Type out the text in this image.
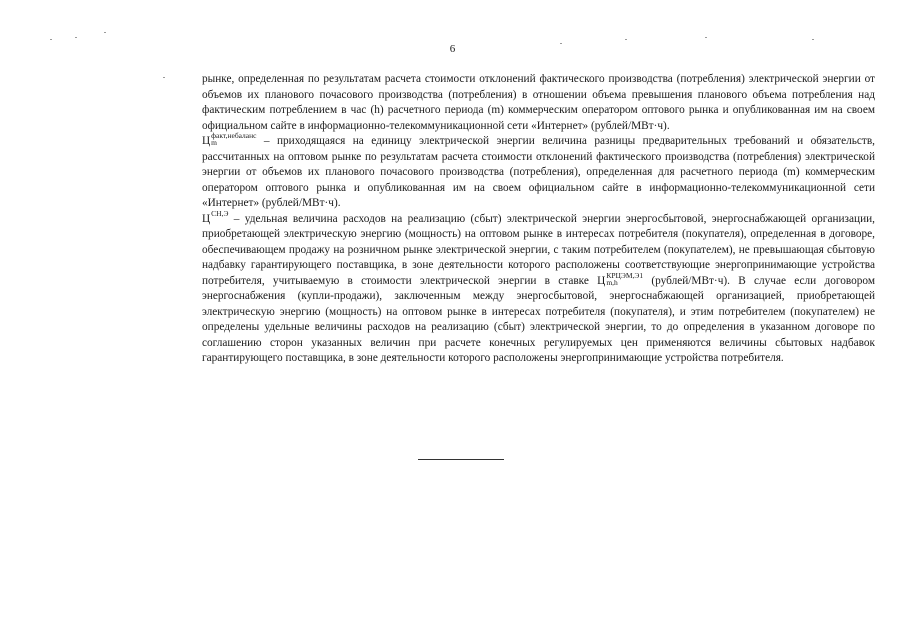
6

рынке, определенная по результатам расчета стоимости отклонений фактического производства (потребления) электрической энергии от объемов их планового почасового производства (потребления) в отношении объема превышения планового объема потребления над фактическим потреблением в час (h) расчетного периода (m) коммерческим оператором оптового рынка и опубликованная им на своем официальном сайте в информационно-телекоммуникационной сети «Интернет» (рублей/МВт·ч).

Ц факт,небаланс
m	– приходящаяся на единицу электрической энергии величина разницы предварительных требований и обязательств, рассчитанных на оптовом рынке по результатам расчета стоимости отклонений фактического производства (потребления) электрической энергии от объемов их планового почасового производства (потребления), определенная для расчетного периода (m) коммерческим оператором оптового рынка и опубликованная им на своем официальном сайте в информационно-телекоммуникационной сети «Интернет» (рублей/МВт·ч).

Ц СН,Э
– удельная величина расходов на реализацию (сбыт) электрической энергии энергосбытовой, энергоснабжающей организации, приобретающей электрическую энергию (мощность) на оптовом рынке в интересах потребителя (покупателя), определенная в договоре, обеспечивающем продажу на розничном рынке электрической энергии, с таким потребителем (покупателем), не превышающая сбытовую надбавку гарантирующего поставщика, в зоне деятельности которого расположены соответствующие энергопринимающие устройства потребителя, учитываемую в стоимости электрической энергии в ставке Ц КРЦЭМ,Э1
m,h	(рублей/МВт·ч). В случае если договором энергоснабжения (купли-продажи), заключенным между энергосбытовой, энергоснабжающей организацией, приобретающей электрическую энергию (мощность) на оптовом рынке в интересах потребителя (покупателя), и этим потребителем (покупателем) не определены удельные величины расходов на реализацию (сбыт) электрической энергии, то до определения в указанном договоре по соглашению сторон указанных величин при расчете конечных регулируемых цен применяются величины сбытовых надбавок гарантирующего поставщика, в зоне деятельности которого расположены энергопринимающие устройства потребителя.
